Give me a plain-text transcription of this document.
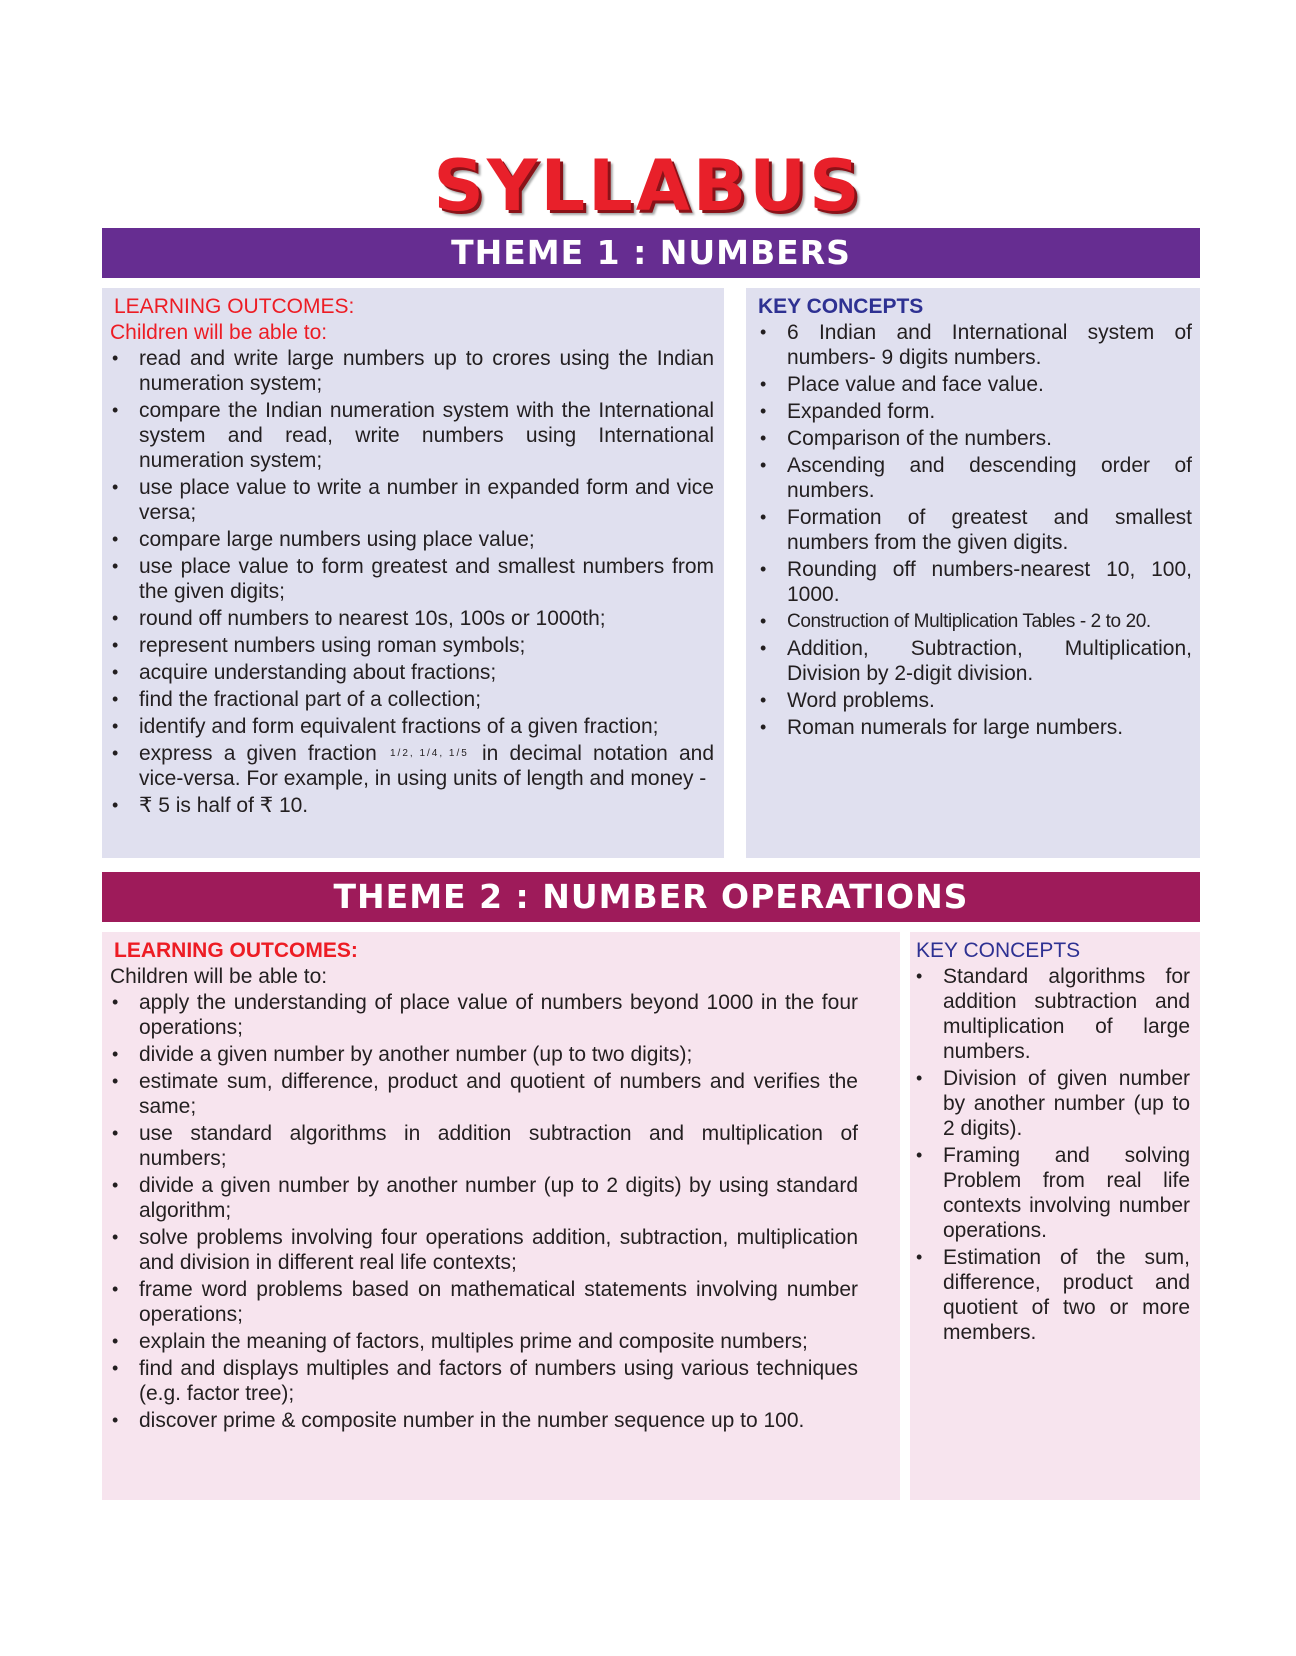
SYLLABUS
THEME 1 : NUMBERS
LEARNING OUTCOMES:
Children will be able to:
• read and write large numbers up to crores using the Indian numeration system;
• compare the Indian numeration system with the International system and read, write numbers using International numeration system;
• use place value to write a number in expanded form and vice versa;
• compare large numbers using place value;
• use place value to form greatest and smallest numbers from the given digits;
• round off numbers to nearest 10s, 100s or 1000th;
• represent numbers using roman symbols;
• acquire understanding about fractions;
• find the fractional part of a collection;
• identify and form equivalent fractions of a given fraction;
• express a given fraction 1/2, 1/4, 1/5 in decimal notation and vice-versa. For example, in using units of length and money -
• ₹ 5 is half of ₹ 10.
KEY CONCEPTS
• 6 Indian and International system of numbers- 9 digits numbers.
• Place value and face value.
• Expanded form.
• Comparison of the numbers.
• Ascending and descending order of numbers.
• Formation of greatest and smallest numbers from the given digits.
• Rounding off numbers-nearest 10, 100, 1000.
• Construction of Multiplication Tables - 2 to 20.
• Addition, Subtraction, Multiplication, Division by 2-digit division.
• Word problems.
• Roman numerals for large numbers.
THEME 2 : NUMBER OPERATIONS
LEARNING OUTCOMES:
Children will be able to:
• apply the understanding of place value of numbers beyond 1000 in the four operations;
• divide a given number by another number (up to two digits);
• estimate sum, difference, product and quotient of numbers and verifies the same;
• use standard algorithms in addition subtraction and multiplication of numbers;
• divide a given number by another number (up to 2 digits) by using standard algorithm;
• solve problems involving four operations addition, subtraction, multiplication and division in different real life contexts;
• frame word problems based on mathematical statements involving number operations;
• explain the meaning of factors, multiples prime and composite numbers;
• find and displays multiples and factors of numbers using various techniques (e.g. factor tree);
• discover prime & composite number in the number sequence up to 100.
KEY CONCEPTS
• Standard algorithms for addition subtraction and multiplication of large numbers.
• Division of given number by another number (up to 2 digits).
• Framing and solving Problem from real life contexts involving number operations.
• Estimation of the sum, difference, product and quotient of two or more members.
